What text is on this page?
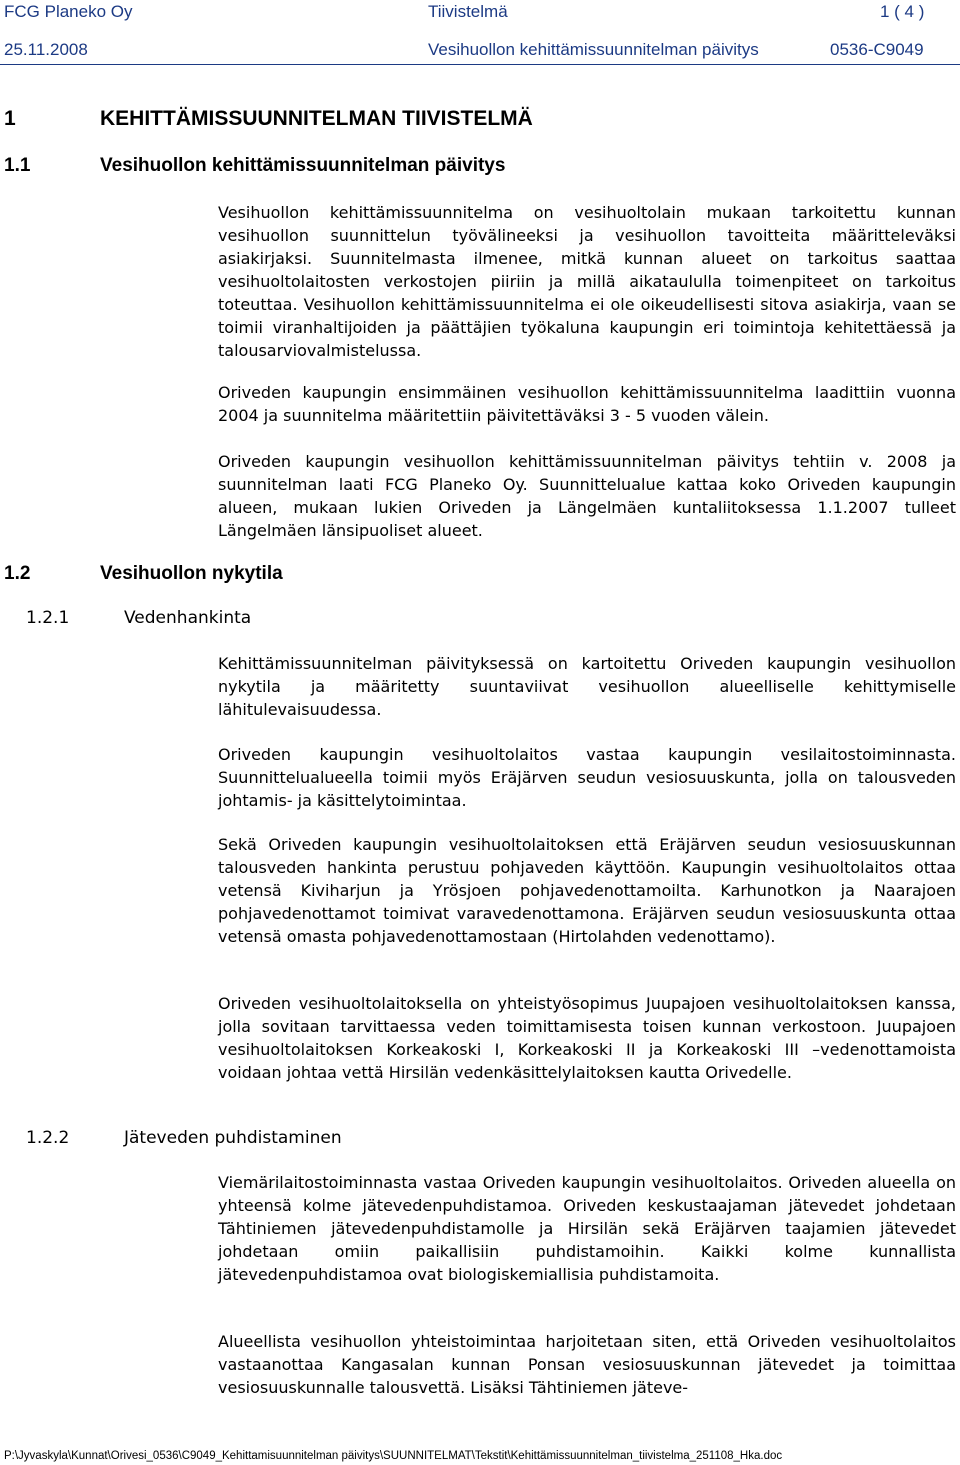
FCG Planeko Oy	Tiivistelmä	1 ( 4 )
25.11.2008	Vesihuollon kehittämissuunnitelman päivitys	0536-C9049
1	KEHITTÄMISSUUNNITELMAN TIIVISTELMÄ
1.1	Vesihuollon kehittämissuunnitelman päivitys

Vesihuollon kehittämissuunnitelma on vesihuoltolain mukaan tarkoitettu kunnan vesihuollon suunnittelun työvälineeksi ja vesihuollon tavoitteita määritteleväksi asiakirjaksi. Suunnitelmasta ilmenee, mitkä kunnan alueet on tarkoitus saattaa vesihuoltolaitosten verkostojen piiriin ja millä aikataululla toimenpiteet on tarkoitus toteuttaa. Vesihuollon kehittämissuunnitelma ei ole oikeudellisesti sitova asiakirja, vaan se toimii viranhaltijoiden ja päättäjien työkaluna kaupungin eri toimintoja kehitettäessä ja talousarviovalmistelussa.

Oriveden kaupungin ensimmäinen vesihuollon kehittämissuunnitelma laadittiin vuonna 2004 ja suunnitelma määritettiin päivitettäväksi 3 - 5 vuoden välein.

Oriveden kaupungin vesihuollon kehittämissuunnitelman päivitys tehtiin v. 2008 ja suunnitelman laati FCG Planeko Oy. Suunnittelualue kattaa koko Oriveden kaupungin alueen, mukaan lukien Oriveden ja Längelmäen kuntaliitoksessa 1.1.2007 tulleet Längelmäen länsipuoliset alueet.

1.2	Vesihuollon nykytila
1.2.1	Vedenhankinta

Kehittämissuunnitelman päivityksessä on kartoitettu Oriveden kaupungin vesihuollon nykytila ja määritetty suuntaviivat vesihuollon alueelliselle kehittymiselle lähitulevaisuudessa.

Oriveden kaupungin vesihuoltolaitos vastaa kaupungin vesilaitostoiminnasta. Suunnittelualueella toimii myös Eräjärven seudun vesiosuuskunta, jolla on talousveden johtamis- ja käsittelytoimintaa.

Sekä Oriveden kaupungin vesihuoltolaitoksen että Eräjärven seudun vesiosuuskunnan talousveden hankinta perustuu pohjaveden käyttöön. Kaupungin vesihuoltolaitos ottaa vetensä Kiviharjun ja Yrösjoen pohjavedenottamoilta. Karhunotkon ja Naarajoen pohjavedenottamot toimivat varavedenottamona. Eräjärven seudun vesiosuuskunta ottaa vetensä omasta pohjavedenottamostaan (Hirtolahden vedenottamo).

Oriveden vesihuoltolaitoksella on yhteistyösopimus Juupajoen vesihuoltolaitoksen kanssa, jolla sovitaan tarvittaessa veden toimittamisesta toisen kunnan verkostoon. Juupajoen vesihuoltolaitoksen Korkeakoski I, Korkeakoski II ja Korkeakoski III –vedenottamoista voidaan johtaa vettä Hirsilän vedenkäsittelylaitoksen kautta Orivedelle.

1.2.2	Jäteveden puhdistaminen

Viemärilaitostoiminnasta vastaa Oriveden kaupungin vesihuoltolaitos. Oriveden alueella on yhteensä kolme jätevedenpuhdistamoa. Oriveden keskustaajaman jätevedet johdetaan Tähtiniemen jätevedenpuhdistamolle ja Hirsilän sekä Eräjärven taajamien jätevedet johdetaan omiin paikallisiin puhdistamoihin. Kaikki kolme kunnallista jätevedenpuhdistamoa ovat biologiskemiallisia puhdistamoita.

Alueellista vesihuollon yhteistoimintaa harjoitetaan siten, että Oriveden vesihuoltolaitos vastaanottaa Kangasalan kunnan Ponsan vesiosuuskunnan jätevedet ja toimittaa vesiosuuskunnalle talousvettä. Lisäksi Tähtiniemen jäteve-

P:\Jyvaskyla\Kunnat\Orivesi_0536\C9049_Kehittamisuunnitelman päivitys\SUUNNITELMAT\Tekstit\Kehittämissuunnitelman_tiivistelma_251108_Hka.doc
